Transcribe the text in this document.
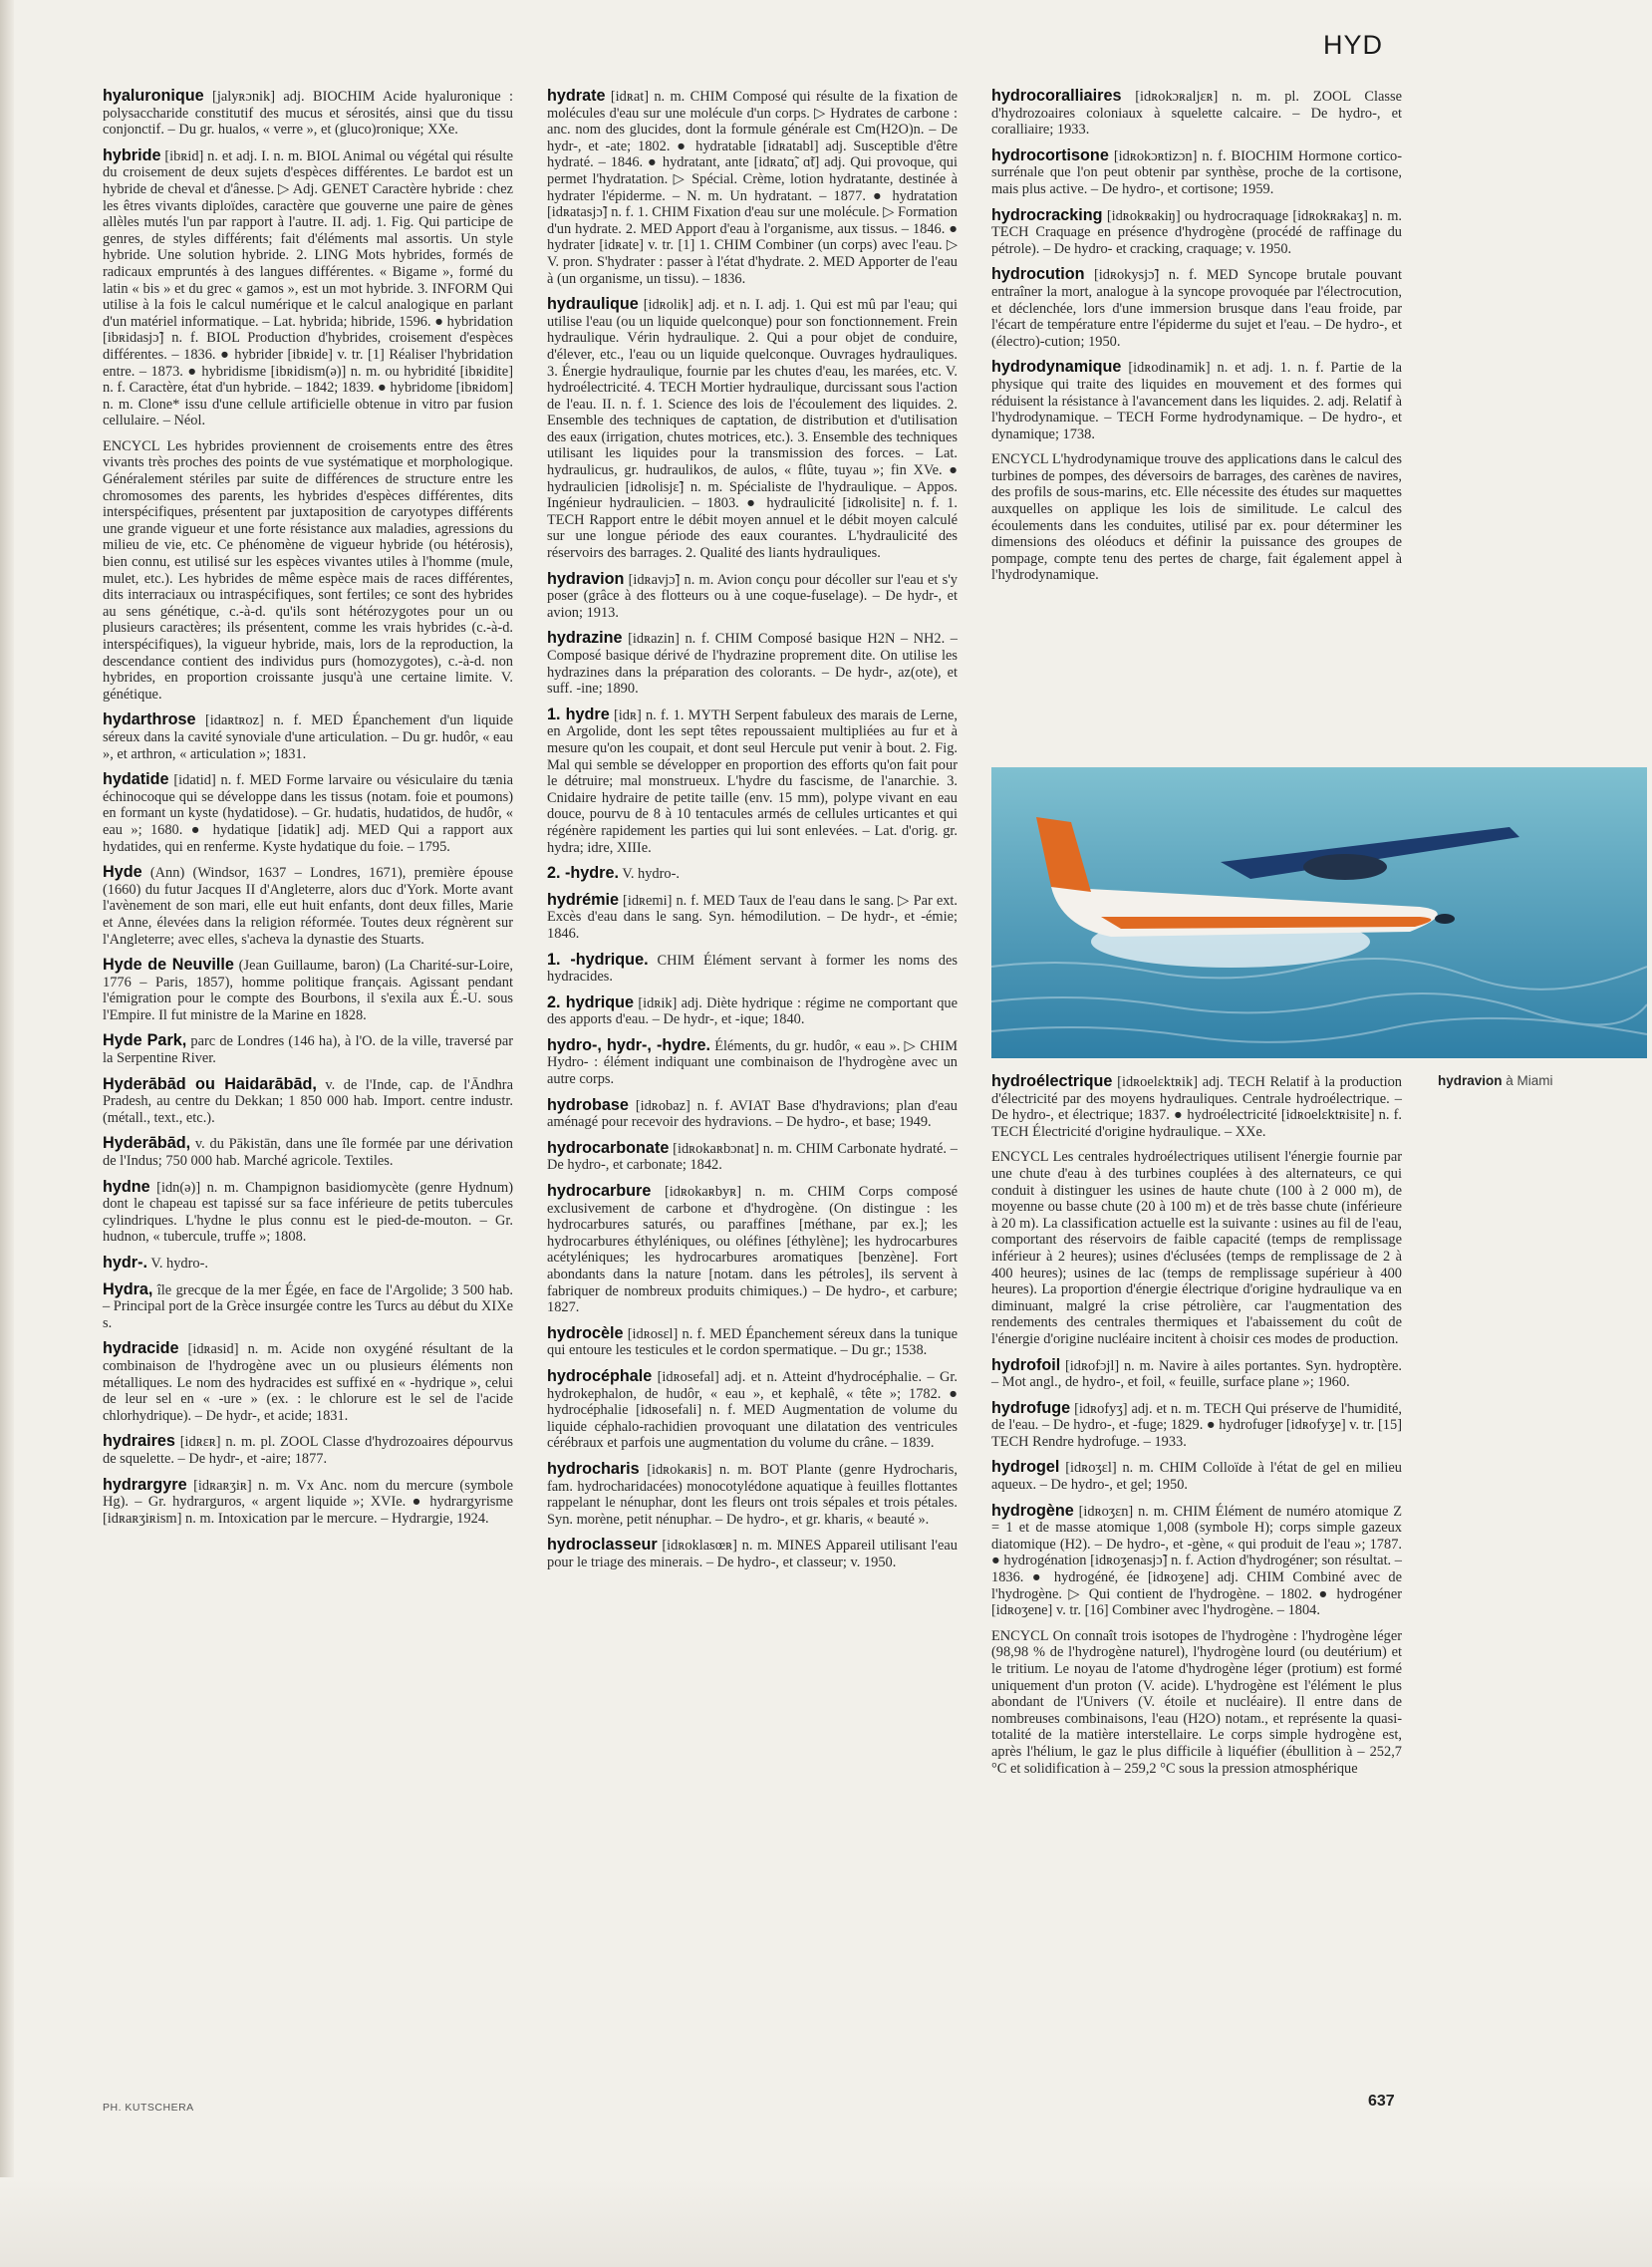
HYD

hyaluronique [jalyʀɔnik] adj. BIOCHIM Acide hyaluronique : polysaccharide constitutif des mucus et sérosités, ainsi que du tissu conjonctif. – Du gr. hualos, « verre », et (gluco)ronique; XXe.

hybride [ibʀid] n. et adj. I. n. m. BIOL Animal ou végétal qui résulte du croisement de deux sujets d'espèces différentes. Le bardot est un hybride de cheval et d'ânesse. ▷ Adj. GENET Caractère hybride : chez les êtres vivants diploïdes, caractère que gouverne une paire de gènes allèles mutés l'un par rapport à l'autre. II. adj. 1. Fig. Qui participe de genres, de styles différents; fait d'éléments mal assortis. Un style hybride. Une solution hybride. 2. LING Mots hybrides, formés de radicaux empruntés à des langues différentes. « Bigame », formé du latin « bis » et du grec « gamos », est un mot hybride. 3. INFORM Qui utilise à la fois le calcul numérique et le calcul analogique en parlant d'un matériel informatique. – Lat. hybrida; hibride, 1596. ● hybridation [ibʀidasjɔ̃] n. f. BIOL Production d'hybrides, croisement d'espèces différentes. – 1836. ● hybrider [ibʀide] v. tr. [1] Réaliser l'hybridation entre. – 1873. ● hybridisme [ibʀidism(ə)] n. m. ou hybridité [ibʀidite] n. f. Caractère, état d'un hybride. – 1842; 1839. ● hybridome [ibʀidom] n. m. Clone* issu d'une cellule artificielle obtenue in vitro par fusion cellulaire. – Néol.

ENCYCL Les hybrides proviennent de croisements entre des êtres vivants très proches des points de vue systématique et morphologique. Généralement stériles par suite de différences de structure entre les chromosomes des parents, les hybrides d'espèces différentes, dits interspécifiques, présentent par juxtaposition de caryotypes différents une grande vigueur et une forte résistance aux maladies, agressions du milieu de vie, etc. Ce phénomène de vigueur hybride (ou hétérosis), bien connu, est utilisé sur les espèces vivantes utiles à l'homme (mule, mulet, etc.). Les hybrides de même espèce mais de races différentes, dits interraciaux ou intraspécifiques, sont fertiles; ce sont des hybrides au sens génétique, c.-à-d. qu'ils sont hétérozygotes pour un ou plusieurs caractères; ils présentent, comme les vrais hybrides (c.-à-d. interspécifiques), la vigueur hybride, mais, lors de la reproduction, la descendance contient des individus purs (homozygotes), c.-à-d. non hybrides, en proportion croissante jusqu'à une certaine limite. V. génétique.

hydarthrose [idaʀtʀoz] n. f. MED Épanchement d'un liquide séreux dans la cavité synoviale d'une articulation. – Du gr. hudôr, « eau », et arthron, « articulation »; 1831.

hydatide [idatid] n. f. MED Forme larvaire ou vésiculaire du tænia échinocoque qui se développe dans les tissus (notam. foie et poumons) en formant un kyste (hydatidose). – Gr. hudatis, hudatidos, de hudôr, « eau »; 1680. ● hydatique [idatik] adj. MED Qui a rapport aux hydatides, qui en renferme. Kyste hydatique du foie. – 1795.

Hyde (Ann) (Windsor, 1637 – Londres, 1671), première épouse (1660) du futur Jacques II d'Angleterre, alors duc d'York. Morte avant l'avènement de son mari, elle eut huit enfants, dont deux filles, Marie et Anne, élevées dans la religion réformée. Toutes deux régnèrent sur l'Angleterre; avec elles, s'acheva la dynastie des Stuarts.

Hyde de Neuville (Jean Guillaume, baron) (La Charité-sur-Loire, 1776 – Paris, 1857), homme politique français. Agissant pendant l'émigration pour le compte des Bourbons, il s'exila aux É.-U. sous l'Empire. Il fut ministre de la Marine en 1828.

Hyde Park, parc de Londres (146 ha), à l'O. de la ville, traversé par la Serpentine River.

Hyderābād ou Haidarābād, v. de l'Inde, cap. de l'Āndhra Pradesh, au centre du Dekkan; 1 850 000 hab. Import. centre industr. (métall., text., etc.).

Hyderābād, v. du Pākistān, dans une île formée par une dérivation de l'Indus; 750 000 hab. Marché agricole. Textiles.

hydne [idn(ə)] n. m. Champignon basidiomycète (genre Hydnum) dont le chapeau est tapissé sur sa face inférieure de petits tubercules cylindriques. L'hydne le plus connu est le pied-de-mouton. – Gr. hudnon, « tubercule, truffe »; 1808.

hydr-. V. hydro-.

Hydra, île grecque de la mer Égée, en face de l'Argolide; 3 500 hab. – Principal port de la Grèce insurgée contre les Turcs au début du XIXe s.

hydracide [idʀasid] n. m. Acide non oxygéné résultant de la combinaison de l'hydrogène avec un ou plusieurs éléments non métalliques. Le nom des hydracides est suffixé en « -hydrique », celui de leur sel en « -ure » (ex. : le chlorure est le sel de l'acide chlorhydrique). – De hydr-, et acide; 1831.

hydraires [idʀɛʀ] n. m. pl. ZOOL Classe d'hydrozoaires dépourvus de squelette. – De hydr-, et -aire; 1877.

hydrargyre [idʀaʀʒiʀ] n. m. Vx Anc. nom du mercure (symbole Hg). – Gr. hydrarguros, « argent liquide »; XVIe. ● hydrargyrisme [idʀaʀʒiʀism] n. m. Intoxication par le mercure. – Hydrargie, 1924.

hydrate [idʀat] n. m. CHIM Composé qui résulte de la fixation de molécules d'eau sur une molécule d'un corps. ▷ Hydrates de carbone : anc. nom des glucides, dont la formule générale est Cm(H2O)n. – De hydr-, et -ate; 1802. ● hydratable [idʀatabl] adj. Susceptible d'être hydraté. – 1846. ● hydratant, ante [idʀatɑ̃, ɑ̃t] adj. Qui provoque, qui permet l'hydratation. ▷ Spécial. Crème, lotion hydratante, destinée à hydrater l'épiderme. – N. m. Un hydratant. – 1877. ● hydratation [idʀatasjɔ̃] n. f. 1. CHIM Fixation d'eau sur une molécule. ▷ Formation d'un hydrate. 2. MED Apport d'eau à l'organisme, aux tissus. – 1846. ● hydrater [idʀate] v. tr. [1] 1. CHIM Combiner (un corps) avec l'eau. ▷ V. pron. S'hydrater : passer à l'état d'hydrate. 2. MED Apporter de l'eau à (un organisme, un tissu). – 1836.

hydraulique [idʀolik] adj. et n. I. adj. 1. Qui est mû par l'eau; qui utilise l'eau (ou un liquide quelconque) pour son fonctionnement. Frein hydraulique. Vérin hydraulique. 2. Qui a pour objet de conduire, d'élever, etc., l'eau ou un liquide quelconque. Ouvrages hydrauliques. 3. Énergie hydraulique, fournie par les chutes d'eau, les marées, etc. V. hydroélectricité. 4. TECH Mortier hydraulique, durcissant sous l'action de l'eau. II. n. f. 1. Science des lois de l'écoulement des liquides. 2. Ensemble des techniques de captation, de distribution et d'utilisation des eaux (irrigation, chutes motrices, etc.). 3. Ensemble des techniques utilisant les liquides pour la transmission des forces. – Lat. hydraulicus, gr. hudraulikos, de aulos, « flûte, tuyau »; fin XVe. ● hydraulicien [idʀolisjɛ̃] n. m. Spécialiste de l'hydraulique. – Appos. Ingénieur hydraulicien. – 1803. ● hydraulicité [idʀolisite] n. f. 1. TECH Rapport entre le débit moyen annuel et le débit moyen calculé sur une longue période des eaux courantes. L'hydraulicité des réservoirs des barrages. 2. Qualité des liants hydrauliques.

hydravion [idʀavjɔ̃] n. m. Avion conçu pour décoller sur l'eau et s'y poser (grâce à des flotteurs ou à une coque-fuselage). – De hydr-, et avion; 1913.

hydrazine [idʀazin] n. f. CHIM Composé basique H2N – NH2. – Composé basique dérivé de l'hydrazine proprement dite. On utilise les hydrazines dans la préparation des colorants. – De hydr-, az(ote), et suff. -ine; 1890.

1. hydre [idʀ] n. f. 1. MYTH Serpent fabuleux des marais de Lerne, en Argolide, dont les sept têtes repoussaient multipliées au fur et à mesure qu'on les coupait, et dont seul Hercule put venir à bout. 2. Fig. Mal qui semble se développer en proportion des efforts qu'on fait pour le détruire; mal monstrueux. L'hydre du fascisme, de l'anarchie. 3. Cnidaire hydraire de petite taille (env. 15 mm), polype vivant en eau douce, pourvu de 8 à 10 tentacules armés de cellules urticantes et qui régénère rapidement les parties qui lui sont enlevées. – Lat. d'orig. gr. hydra; idre, XIIIe.

2. -hydre. V. hydro-.

hydrémie [idʀemi] n. f. MED Taux de l'eau dans le sang. ▷ Par ext. Excès d'eau dans le sang. Syn. hémodilution. – De hydr-, et -émie; 1846.

1. -hydrique. CHIM Élément servant à former les noms des hydracides.

2. hydrique [idʀik] adj. Diète hydrique : régime ne comportant que des apports d'eau. – De hydr-, et -ique; 1840.

hydro-, hydr-, -hydre. Éléments, du gr. hudôr, « eau ». ▷ CHIM Hydro- : élément indiquant une combinaison de l'hydrogène avec un autre corps.

hydrobase [idʀobaz] n. f. AVIAT Base d'hydravions; plan d'eau aménagé pour recevoir des hydravions. – De hydro-, et base; 1949.

hydrocarbonate [idʀokaʀbɔnat] n. m. CHIM Carbonate hydraté. – De hydro-, et carbonate; 1842.

hydrocarbure [idʀokaʀbyʀ] n. m. CHIM Corps composé exclusivement de carbone et d'hydrogène. (On distingue : les hydrocarbures saturés, ou paraffines [méthane, par ex.]; les hydrocarbures éthyléniques, ou oléfines [éthylène]; les hydrocarbures acétyléniques; les hydrocarbures aromatiques [benzène]. Fort abondants dans la nature [notam. dans les pétroles], ils servent à fabriquer de nombreux produits chimiques.) – De hydro-, et carbure; 1827.

hydrocèle [idʀosɛl] n. f. MED Épanchement séreux dans la tunique qui entoure les testicules et le cordon spermatique. – Du gr.; 1538.

hydrocéphale [idʀosefal] adj. et n. Atteint d'hydrocéphalie. – Gr. hydrokephalon, de hudôr, « eau », et kephalê, « tête »; 1782. ● hydrocéphalie [idʀosefali] n. f. MED Augmentation de volume du liquide céphalo-rachidien provoquant une dilatation des ventricules cérébraux et parfois une augmentation du volume du crâne. – 1839.

hydrocharis [idʀokaʀis] n. m. BOT Plante (genre Hydrocharis, fam. hydrocharidacées) monocotylédone aquatique à feuilles flottantes rappelant le nénuphar, dont les fleurs ont trois sépales et trois pétales. Syn. morène, petit nénuphar. – De hydro-, et gr. kharis, « beauté ».

hydroclasseur [idʀoklasœʀ] n. m. MINES Appareil utilisant l'eau pour le triage des minerais. – De hydro-, et classeur; v. 1950.

hydrocoralliaires [idʀokɔʀaljɛʀ] n. m. pl. ZOOL Classe d'hydrozoaires coloniaux à squelette calcaire. – De hydro-, et coralliaire; 1933.

hydrocortisone [idʀokɔʀtizɔn] n. f. BIOCHIM Hormone cortico-surrénale que l'on peut obtenir par synthèse, proche de la cortisone, mais plus active. – De hydro-, et cortisone; 1959.

hydrocracking [idʀokʀakiŋ] ou hydrocraquage [idʀokʀakaʒ] n. m. TECH Craquage en présence d'hydrogène (procédé de raffinage du pétrole). – De hydro- et cracking, craquage; v. 1950.

hydrocution [idʀokysjɔ̃] n. f. MED Syncope brutale pouvant entraîner la mort, analogue à la syncope provoquée par l'électrocution, et déclenchée, lors d'une immersion brusque dans l'eau froide, par l'écart de température entre l'épiderme du sujet et l'eau. – De hydro-, et (électro)-cution; 1950.

hydrodynamique [idʀodinamik] n. et adj. 1. n. f. Partie de la physique qui traite des liquides en mouvement et des formes qui réduisent la résistance à l'avancement dans les liquides. 2. adj. Relatif à l'hydrodynamique. – TECH Forme hydrodynamique. – De hydro-, et dynamique; 1738.

ENCYCL L'hydrodynamique trouve des applications dans le calcul des turbines de pompes, des déversoirs de barrages, des carènes de navires, des profils de sous-marins, etc. Elle nécessite des études sur maquettes auxquelles on applique les lois de similitude. Le calcul des écoulements dans les conduites, utilisé par ex. pour déterminer les dimensions des oléoducs et définir la puissance des groupes de pompage, compte tenu des pertes de charge, fait également appel à l'hydrodynamique.

hydravion à Miami

hydroélectrique [idʀoelɛktʀik] adj. TECH Relatif à la production d'électricité par des moyens hydrauliques. Centrale hydroélectrique. – De hydro-, et électrique; 1837. ● hydroélectricité [idʀoelɛktʀisite] n. f. TECH Électricité d'origine hydraulique. – XXe.

ENCYCL Les centrales hydroélectriques utilisent l'énergie fournie par une chute d'eau à des turbines couplées à des alternateurs, ce qui conduit à distinguer les usines de haute chute (100 à 2 000 m), de moyenne ou basse chute (20 à 100 m) et de très basse chute (inférieure à 20 m). La classification actuelle est la suivante : usines au fil de l'eau, comportant des réservoirs de faible capacité (temps de remplissage inférieur à 2 heures); usines d'éclusées (temps de remplissage de 2 à 400 heures); usines de lac (temps de remplissage supérieur à 400 heures). La proportion d'énergie électrique d'origine hydraulique va en diminuant, malgré la crise pétrolière, car l'augmentation des rendements des centrales thermiques et l'abaissement du coût de l'énergie d'origine nucléaire incitent à choisir ces modes de production.

hydrofoil [idʀofɔjl] n. m. Navire à ailes portantes. Syn. hydroptère. – Mot angl., de hydro-, et foil, « feuille, surface plane »; 1960.

hydrofuge [idʀofyʒ] adj. et n. m. TECH Qui préserve de l'humidité, de l'eau. – De hydro-, et -fuge; 1829. ● hydrofuger [idʀofyʒe] v. tr. [15] TECH Rendre hydrofuge. – 1933.

hydrogel [idʀoʒɛl] n. m. CHIM Colloïde à l'état de gel en milieu aqueux. – De hydro-, et gel; 1950.

hydrogène [idʀoʒɛn] n. m. CHIM Élément de numéro atomique Z = 1 et de masse atomique 1,008 (symbole H); corps simple gazeux diatomique (H2). – De hydro-, et -gène, « qui produit de l'eau »; 1787. ● hydrogénation [idʀoʒenasjɔ̃] n. f. Action d'hydrogéner; son résultat. – 1836. ● hydrogéné, ée [idʀoʒene] adj. CHIM Combiné avec de l'hydrogène. ▷ Qui contient de l'hydrogène. – 1802. ● hydrogéner [idʀoʒene] v. tr. [16] Combiner avec l'hydrogène. – 1804.

ENCYCL On connaît trois isotopes de l'hydrogène : l'hydrogène léger (98,98 % de l'hydrogène naturel), l'hydrogène lourd (ou deutérium) et le tritium. Le noyau de l'atome d'hydrogène léger (protium) est formé uniquement d'un proton (V. acide). L'hydrogène est l'élément le plus abondant de l'Univers (V. étoile et nucléaire). Il entre dans de nombreuses combinaisons, l'eau (H2O) notam., et représente la quasi-totalité de la matière interstellaire. Le corps simple hydrogène est, après l'hélium, le gaz le plus difficile à liquéfier (ébullition à – 252,7 °C et solidification à – 259,2 °C sous la pression atmosphérique

PH. KUTSCHERA	637
